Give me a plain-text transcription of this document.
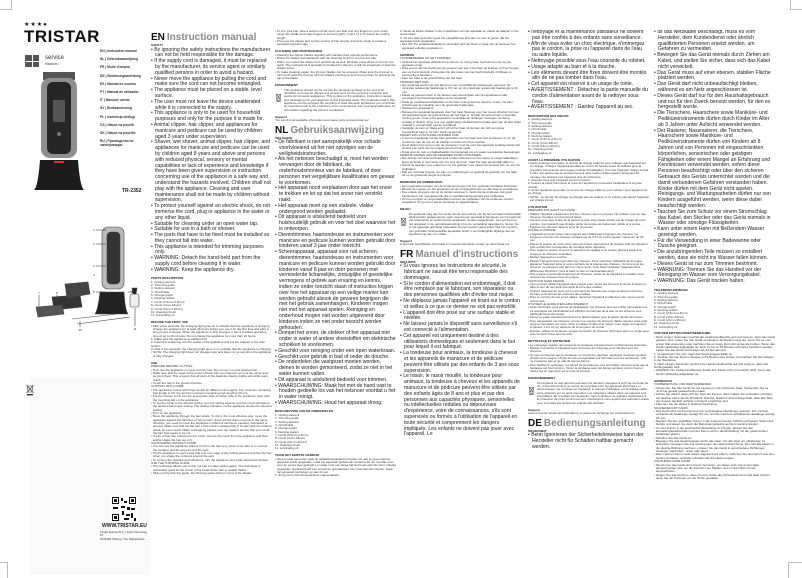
★★★●
TRISTAR
service
tristar.eu
EN | Instruction manual
NL | Gebruiksaanwijzing
FR | Mode d'emploi
DE | Bedienungsanleitung
ES | Manual de usuario
PT | Manual de utilizador
IT | Manuale utente
SV | Bruksanvisning
PL | Instrukcja obsługi
CS | Návod na použití
SK | Návod na použitie
RU | Руководство по эксплуатации
TR-2352
1
2
3
4
5	6
7	8
9
10	11
WWW.TRISTAR.EU
Tristar Europe B.V. | Jules Verneweg 87
5015 BH Tilburg | The Netherlands
EN Instruction manual
SAFETY
• By ignoring the safety instructions the manufacturer can not be held responsible for the damage.
• If the supply cord is damaged, it must be replaced by the manufacturer, its service agent or similarly qualified persons in order to avoid a hazard.
• Never move the appliance by pulling the cord and make sure the cord can not become entangled.
• The appliance must be placed on a stable, level surface.
• The user must not leave the device unattended while it is connected to the supply.
• This appliance is only to be used for household purposes and only for the purpose it is made for.
• Animal clipper, hair clipper, and appliances for manicure and pedicure can be used by children aged 3 years under supervision.
• Shaver, wet shaver, animal clipper, hair clipper, and appliances for manicure and pedicure can be used by children aged 8 years and above and persons with reduced physical, sensory or mental capabilities or lack of experience and knowledge if they have been given supervision or instruction concerning use of the appliance in a safe way and understand the hazards involved. Children shall not play with the appliance. Cleaning and user maintenance shall not be made by children without supervision.
• To protect yourself against an electric shock, do not immerse the cord, plug or appliance in the water or any other liquid.
• Suitable for cleaning under an open water tap.
• Suitable for use in a bath or shower.
• The parts that have to be fixed must be installed so they cannot fall into water.
• This appliance is intended for trimming purposes only.
• WARNING: Detach the hand-held part from the supply cord before cleaning it in water.
• WARNING: Keep the appliance dry.
PARTS DESCRIPTION
1. Cutting element
2. Trimming guide
3. Setting selector
4. On/off slide
5. Charging light
6. Docking station
7. Comb (0.5mm-2.5mm)
8. Comb (3mm-18mm)
9. Comb (21mm-30mm)
10. Cleaning brush
11. Lubricating oil
BEFORE THE FIRST USE
• After a few seconds, the charging light goes on to indicate that the appliance is charging. Charge the appliance for at least 16 hours before you use it for the first time and after a long period of disuse. When the appliance is fully charged, it has a cordless operating time of up to 40 minutes. Do not charge the appliance for more than 24 hours.
1. Make sure the appliance is switched off.
2. Insert the small plug into the socket of the appliance and put the adapter in the wall socket.
3. After a few seconds, the charging light goes on to indicate that the appliance is charging.
• NOTE: The charging light does not change color and does not go out when the appliance is fully charged.
USE
PREPARE BEFORE CUTTING
• Only use the appliance on clean and dry hair. Do not use it on just washed hair.
• Make sure that the head of the person whose hair you intend to cut is at the same level as your chest. This ensures that all parts of the head are clearly visible and within easy reach.
• Comb the hair in the growth direction.
CLIPPING WITH COMB
• The appliance comes with three combs for different hair lengths. The minimum remaining hair length is 0.5 mm and the maximum remaining hair length is 30 mm.
• Put the chosen comb into the appropriate slots on either side of the appliance, then click the mounting tab on the appliance.
• To set the comb to the desired setting, turn the setting selector and the comb will slide to the desired hair length setting. The setting indication on the appliance shows the selected setting.
• Turn on the appliance.
• Move the appliance through the hair slowly. To clip in the most effective way, move the appliance against the direction of hair growth. Since all hair does not grow in the same direction, you need to move the appliance in different directions (upward, downward or across). Make sure that the flat part of the comb is always fully in contact with the scalp to obtain an even result. Make overlapping passes over the head to ensure that you cut all the hair that needs to be cut.
• If a lot of hair has collected in the comb, remove the comb from the appliance and blow and/or shake the hair out of it.
CONTOURING WITHOUT COMB
• You can use the appliance without comb to clip hair very close to the skin or to contour the neckline and the area around the ears.
• Tilt the appliance in such a way that only one edge of the cutting element touches the hair when you shape the contours around the ears.
• To contour the neckline and sideburns, turn the appliance and make downward strokes.
USE THE THINNING GUIDE
• This technique allows you to thin out hair to make styling easier. The technique is particularly good for the crown of the head where hair is usually thicker.
• Slide out the thinning guide, the thinning guide will be in front of the blades.
• To trim your hair, take a section of hair (and your little and ring fingers on your scalp, using the middle and index fingers to set the length), hold 1 to 2 cm below the cutting length.
• Then use the clipper and cut the section of hair steeply and at an angle to create a seamless layered edge.
CLEANING AND MAINTENANCE
• Cleaning the clipper blades regularly will maintain their optimal performance.
• Brush the blades and appliance with the cleaning brush to remove any hair.
• When you notice the clipper isn't performing as well, lubricate a few drops of oil onto the teeth. The enclosed oil is specially formulated for clippers, it will not evaporate or slow the blades down.
• To make cleaning easier, the trimmer blades can be removed. Make sure the trimmer is turned off. Hold the trimmer with the blades pointing up and remove them by pressing the top of the blade.
ENVIRONMENT
This appliance should not be put into the domestic garbage at the end of its durability, but must be offered at a central point for the recycling of electric and electronic domestic appliances. This symbol on the appliance, instruction manual and packaging puts your attention to this important issue. The materials used in this appliance can be recycled. By recycling of used domestic appliances you contribute an important push to the protection of our environment. Ask your local authorities for information regarding the point of recollection.
Support
You can find all available information and spare parts at www.tristar.eu!
NL Gebruiksaanwijzing
VEILIGHEID
• De fabrikant is niet aansprakelijk voor schade voortvloeiend uit het niet opvolgen van de veiligheidsinstructies.
• Als het netsnoer beschadigd is, moet het worden vervangen door de fabrikant, de onderhoudsmonteur van de fabrikant, of door personen met vergelijkbare kwalificaties om gevaar te voorkomen.
• Het apparaat nooit verplaatsen door aan het snoer te trekken en let op dat het snoer niet verstrikt raakt.
• Het apparaat moet op een stabiele, vlakke ondergrond worden geplaatst.
• Dit apparaat is uitsluitend bedoeld voor huishoudelijk gebruik en voor het doel waarvoor het is ontworpen.
• Dierentrimmer, haartondeuse en instrumenten voor manicure en pedicure kunnen worden gebruikt door kinderen vanaf 3 jaar onder toezicht.
• Scheerapparaat, apparaat voor nat scheren, dierentrimmer, haartondeuse en instrumenten voor manicure en pedicure kunnen worden gebruikt door kinderen vanaf 8 jaar en door personen met verminderde lichamelijke, zintuiglijke of geestelijke vermogens of gebrek aan ervaring en kennis, indien ze onder toezicht staan of instructies krijgen over hoe het apparaat op een veilige manier kan worden gebruikt alsook de gevaren begrijpen die met het gebruik samenhangen. Kinderen mogen niet met het apparaat spelen. Reiniging en onderhoud mogen niet worden uitgevoerd door kinderen indien ze niet onder toezicht worden gehouden.
• Dompel het snoer, de stekker of het apparaat niet onder in water of andere vloeistoffen om elektrische schokken te voorkomen.
• Geschikt voor reiniging onder een open waterkraan.
• Geschikt voor gebruik in bad of onder de douche.
• De onderdelen die vastgezet moeten worden, dienen te worden gemonteerd, zodat ze niet in het water kunnen vallen.
• Dit apparaat is uitsluitend bedoeld voor trimmen.
• WAARSCHUWING: Maak het met de hand vast te houden gedeelte los van het netsnoer voordat u het in water reinigt.
• WAARSCHUWING: Houd het apparaat droog.
BESCHRIJVING VAN DE ONDERDELEN
1. Cutting element
2. Trimming guide
3. Setting selector
4. On/off slide
5. Charging light
6. Docking station
7. Comb (0.5mm-2.5mm)
8. Comb (3mm-18mm)
9. Comb (21mm-30mm)
10. Cleaning brush
11. Lubricating oil
VOOR HET EERSTE GEBRUIK
• Na een paar seconden gaat de oplaadindicatielamp branden om aan te geven dat het apparaat wordt opgeladen. Laad het apparaat gedurende minstens 16 uur voordat u het voor de eerste keer gebruikt en nadat u het een lange tijd niet heeft gebruikt. Een volledig opgeladen apparaat heeft een snoerloze gebruiksduur van maximaal 40 minuten. Laad het apparaat niet langer op dan 24 uur.
1. Zorg ervoor dat het apparaat is uitgeschakeld.
2. Steek de kleine stekker in de contactdoos van het apparaat en plaats de adapter in het stopcontact.
3. Na een paar seconden gaat het oplaadlampje branden om aan te geven dat het apparaat wordt opgeladen.
• LET OP: De oplaadindicatielamp verandert niet van kleur en gaat niet uit wanneer het apparaat volledig opgeladen is.
GEBRUIK
VOORBEREIDEN OP HET TRIMMEN
• Gebruik het apparaat uitsluitend op schoon en droog haar. Gebruik het niet op pas gewassen haar.
• Zorg ervoor dat het hoofd van de persoon van wie u het haar wil knippen zich ter hoogte van uw borst bevindt. Zodoende zijn alle delen van het hoofd duidelijk zichtbaar en eenvoudig te bereiken.
• Kam het haar in de groeirichting van het haar.
TRIMMEN MET KAM
• Het apparaat wordt met drie kammen voor verschillende haarlengtes geleverd. De minimale resterende haarlengte is 0,5 mm en de maximale resterende haarlengte is 30 mm.
• Plaats de gekozen kam in de sleuven aan weerszijden van het apparaat en klik vervolgens het bevestigingslipje op het apparaat.
• Draai de instelkeuzeschakelaar om de kam in de gewenste stand te zetten. De kam schuift naar de instelling voor de gewenste haarlengte.
• Schakel het apparaat in.
• Beweeg het apparaat langzaam door het haar. Beweeg voor het meest effectief trimmen het apparaat tegen de groeirichting van het haar in. Omdat niet al het haar in dezelfde richting groeit, moet u het apparaat in verschillende richtingen bewegen (omhoog, omlaag of dwars). Zorg voor een gelijkmatig resultaat dat het platte deel van de kam altijd volledig in contact blijft met de hoofdhuid.
• Verwijder de kam en blaas en/of schud het haar uit de kam als zich een grote hoeveelheid haar in de kam heeft verzameld.
MAKEN VAN CONTOUREN ZONDER KAM
• U kunt het apparaat zonder kam gebruiken om het haar zeer kort te knippen of om de contouren van de nek en de haarlijn rond de oren bij te werken.
• Houd tijdens het vormen van de contouren rond de oren het apparaat zodanig schuin dat slechts één rand van het snijelement het haar raakt.
• Draai voor de nek- en bakkebaarden het apparaat om en maak neerwaartse bewegingen.
GEBRUIK MAKEN VAN DE GELEIDER VOOR UITDUNNEN
• Met behulp van deze techniek kunt u haar uitdunnen om het stylen te vergemakkelijken. Deze techniek is met name van nut voor de kruin, waar het haar gewoonlijk dikker is.
• Schuif de geleider voor uitdunnen uit. De geleider voor uitdunnen bevindt zich nu voor de snijbladen.
• Pak een lok haar (tussen uw wijs- en middelvinger) en gebruik de geleider om het haar tot op de gewenste lengte te knippen.
REINIGING EN ONDERHOUD
• Het regelmatig reinigen van de tondeusemessen zal hun optimale prestaties behouden.
• Borstel de messen en het apparaat met de reinigingsborstel om alle haar te verwijderen.
• Doe enkele druppels olie op de tanden wanneer u merkt dat de tondeuse niet goed functioneert. De meegeleverde olie is speciaal samengesteld voor tondeuses.
• Om het reinigen te vergemakkelijken kunnen de snijbladen van de tondeuse worden verwijderd. Zorg ervoor dat de tondeuse is uitgeschakeld.
MILIEU
Dit apparaat mag aan het einde van de levensduur niet bij het normale huishoudelijk afval worden gedeponeerd, maar moet bij een speciaal inzamelpunt voor hergebruik van elektrische en elektronische apparaten worden aangeboden. Het symbool op het apparaat, in de gebruiksaanwijzing of op de verpakking attendeert u hierop. De in het apparaat gebruikte materialen kunnen worden gerecycled. Met het recyclen van gebruikte huishoudelijke apparaten levert u een belangrijke bijdrage aan de bescherming van ons milieu.
Support
U kunt alle beschikbare informatie en reserveonderdelen vinden op www.tristar.eu!
FR Manuel d'instructions
SÉCURITÉ
• Si vous ignorez les instructions de sécurité, le fabricant ne saurait être tenu responsable des dommages.
• Si le cordon d'alimentation est endommagé, il doit être remplacé par le fabricant, son réparateur ou des personnes qualifiées afin d'éviter tout risque.
• Ne déplacez jamais l'appareil en tirant sur le cordon et veillez à ce que ce dernier ne soit pas entortillé.
• L'appareil doit être posé sur une surface stable et nivelée.
• Ne laissez jamais le dispositif sans surveillance s'il est connecté à l'alimentation.
• Cet appareil est uniquement destiné à des utilisations domestiques et seulement dans le but pour lequel il est fabriqué.
• La tondeuse pour animaux, la tondeuse à cheveux et les appareils de manucure et de pédicure peuvent être utilisés par des enfants de 3 ans sous supervision.
• Le rasoir, le rasoir mouillé, la tondeuse pour animaux, la tondeuse à cheveux et les appareils de manucure et de pédicure peuvent être utilisés par des enfants âgés de 8 ans et plus et par des personnes aux capacités physiques, sensorielles ou intellectuelles réduites ou dépourvues d'expérience, voire de connaissances, s'ils sont supervisés ou formés à l'utilisation de l'appareil en toute sécurité et comprennent les dangers impliqués. Les enfants ne doivent pas jouer avec l'appareil. Le
• nettoyage et la maintenance utilisateur ne doivent pas être confiés à des enfants sans surveillance.
• Afin de vous éviter un choc électrique, n'immergez pas le cordon, la prise ou l'appareil dans de l'eau ou autre liquide.
• Nettoyage possible sous l'eau courante du robinet.
• Usage adapté au bain et à la douche.
• Les éléments devant être fixes doivent être montés afin de ne pas tomber dans l'eau.
• Cet appareil est réservé à un usage de tonte.
• AVERTISSEMENT : Détachez la partie manuelle du cordon d'alimentation avant de la nettoyer sous l'eau.
• AVERTISSEMENT : Gardez l'appareil au sec.
DESCRIPTION DES PIÈCES
1. Cutting element
2. Trimming guide
3. Setting selector
4. On/off slide
5. Charging light
6. Docking station
7. Comb (0.5mm-2.5mm)
8. Comb (3mm-18mm)
9. Comb (21mm-30mm)
10. Cleaning brush
11. Lubricating oil
AVANT LA PREMIÈRE UTILISATION
• Après quelques secondes, le témoin de charge s'allume pour indiquer que l'appareil est en charge. Chargez l'appareil pendant au moins 16 heures avant de l'utiliser pour la première fois et après une longue période d'inutilisation. Une fois l'appareil chargé à fond, il offre une autonomie de fonctionnement sans cordon d'alimentation atteignant 40 minutes. Ne chargez pas l'appareil plus de 24 heures.
1. Assurez-vous que l'appareil est hors tension.
2. Insérez la petite fiche dans la prise de l'appareil et connectez l'adaptateur à la prise murale.
3. Après quelques secondes, le témoin de charge s'allume pour indiquer que l'appareil est en charge.
• NOTE : Le témoin de charge ne change pas de couleur et ne s'éteint pas quand l'appareil est chargé à fond.
UTILISATION
PRÉPARATION AVANT LA COUPE
• Utilisez l'appareil uniquement sur des cheveux secs et propres. Ne l'utilisez pas sur des cheveux humides ou récemment lavés.
• Assurez-vous que la tête de la personne que vous voulez tondre est au niveau de votre poitrine. Ceci garantit que chaque partie de la tête est clairement visible et à portée.
• Peignez les cheveux dans le sens de la pousse.
COUPE AU PEIGNE
• L'appareil est fourni avec trois peignes pour différentes longueurs de cheveux. La longueur minimum de cheveux restants est de 0,5 mm et la longueur maximum de 30 mm.
• Placez le peigne de votre choix dans les fentes appropriées de chaque côté de l'appareil puis enclenchez la languette de montage dans l'appareil.
• Pour régler le peigne, tournez le sélecteur de réglage et le peigne glissera jusqu'à la longueur de cheveux souhaitée.
• Mettez l'appareil en marche.
• Passez l'appareil lentement dans les cheveux. Pour optimiser l'efficacité de la coupe, déplacez l'appareil dans le sens contraire de la pousse des cheveux. Comme tous les cheveux ne poussent pas dans le même sens, vous devez déplacer l'appareil dans différentes directions (vers le haut, le bas ou transversalement).
• Si le peigne a accumulé beaucoup de cheveux, retirez-le de l'appareil et soufflez et/ou secouez les cheveux hors du peigne.
CONTOUR SANS PEIGNE
• Vous pouvez utiliser l'appareil sans peigne pour tondre les cheveux à ras de la peau ou faire le tour du cou ainsi que dans la zone des oreilles.
• Inclinez l'appareil de sorte qu'un seul bord de l'élément de coupe touche les cheveux lorsque vous formez les contours des oreilles.
• Pour le contour du cou et les pattes, retournez l'appareil et effectuez des mouvements vers le bas.
UTILISER LE GUIDE D'ÉCLAIRCISSEMENT
• Cette technique vous permet de désépaissir vos cheveux pour les coiffer plus facilement. La technique est particulièrement efficace au sommet de la tête où les cheveux sont habituellement plus épais.
• Sortez le guide d'éclaircissement en le faisant glisser pour le placer devant les lames.
• Pour désépaissir vos cheveux, prenez une section de cheveux (faites reposer votre petit doigt et l'annulaire sur votre crâne et utilisez l'index et le majeur pour régler la longueur) et laissez 1 à 2 cm en dessous de la longueur de coupe.
• Ensuite, utilisez la tondeuse, coupez la section de cheveux fortement selon un angle pour créer le bord d'une dent de scie.
NETTOYAGE ET ENTRETIEN
• Le nettoyage régulier des lames de la tondeuse entretient leurs performances optimales.
• Brossez les lames et l'appareil avec la brosse de nettoyage pour éliminer tous les cheveux.
• Si vous remarquez que la tondeuse ne fonctionne pas bien, appliquez quelques gouttes d'huile sur le peigne. L'huile fournie est spécialement formulée pour les tondeuses : elle ne s'évapore pas et ne ralentit pas les lames.
• Pour faciliter le nettoyage, les lames de la tondeuse sont amovibles. Assurez-vous que la tondeuse est hors tension. Tenez la tondeuse avec les lames pointées vers le haut et retirez-les en appuyant sur le haut de la lame.
ENVIRONNEMENT
Cet appareil ne doit pas être jeté avec les déchets ménagers à la fin de sa durée de vie, il doit être remis à un centre de recyclage pour les appareils électriques et électroniques. Ce symbole sur l'appareil, le manuel d'utilisation et l'emballage attire votre attention sur ce point important. Les matériaux utilisés dans cet appareil sont recyclables. En recyclant vos appareils, vous contribuez de manière significative à la protection de notre environnement. Renseignez-vous auprès des autorités locales pour connaître les centres de collecte des déchets.
Support
Vous trouverez toutes les informations et pièces de rechange sur www.tristar.eu !
DE Bedienungsanleitung
SICHERHEIT
• Beim Ignorieren der Sicherheitshinweise kann der Hersteller nicht für Schäden haftbar gemacht werden.
• Ist das Netzkabel beschädigt, muss es vom Hersteller, dem Kundendienst oder ähnlich qualifizierten Personen ersetzt werden, um Gefahren zu vermeiden.
• Bewegen Sie das Gerät niemals durch Ziehen am Kabel, und stellen Sie sicher, dass sich das Kabel nicht verwickelt.
• Das Gerät muss auf einer ebenen, stabilen Fläche platziert werden.
• Das Gerät darf nicht unbeaufsichtigt bleiben, während es am Netz angeschlossen ist.
• Dieses Gerät darf nur für den Haushaltsgebrauch und nur für den Zweck benutzt werden, für den es hergestellt wurde.
• Die Tierschere, Haarschere sowie Maniküre- und Pediküreinstrumente dürfen durch Kinder im Alter ab 3 Jahren unter Aufsicht verwendet werden.
• Der Rasierer, Nassrasierer, die Tierschere, Haarschere sowie Maniküre- und Pediküreinstrumente dürfen von Kindern ab 8 Jahren und von Personen mit eingeschränkten körperlichen, sensorischen oder geistigen Fähigkeiten oder einem Mangel an Erfahrung und Kenntnissen verwendet werden, sofern diese Personen beaufsichtigt oder über den sicheren Gebrauch des Geräts unterrichtet wurden und die damit verbundenen Gefahren verstanden haben. Kinder dürfen mit dem Gerät nicht spielen. Reinigungs- und Wartungsarbeiten dürfen nur von Kindern ausgeführt werden, wenn diese dabei beaufsichtigt werden.
• Tauchen Sie zum Schutz vor einem Stromschlag das Kabel, den Stecker oder das Gerät niemals in Wasser oder sonstige Flüssigkeiten.
• Kann unter einem Hahn mit fließendem Wasser gereinigt werden.
• Für die Verwendung in einer Badewanne oder Dusche geeignet.
• Die anzubringenden Teile müssen so installiert werden, dass sie nicht ins Wasser fallen können.
• Dieses Gerät ist nur zum Trimmen bestimmt.
• WARNUNG: Trennen Sie das Handteil vor der Reinigung im Wasser vom Versorgungskabel.
• WARNUNG: Das Gerät trocken halten.
TEILEBESCHREIBUNG
1. Cutting element
2. Trimming guide
3. Setting selector
4. On/off slide
5. Charging light
6. Docking station
7. Comb (0.5mm-2.5mm)
8. Comb (3mm-18mm)
9. Comb (21mm-30mm)
10. Cleaning brush
11. Lubricating oil
VOR DER ERSTEN INBETRIEBNAHME
• Nach einigen Sekunden leuchtet die Ladekontrollleuchte auf und zeigt an, dass das Gerät geladen wird. Laden Sie das Gerät mindestens 16 Stunden lang auf, bevor Sie es zum ersten Mal verwenden oder nachdem Sie es lange Zeit nicht verwendet haben. Wenn das Gerät vollständig aufgeladen ist, kann es bis zu 40 Minuten schnurlos betrieben werden. Laden Sie das Gerät nicht länger als 24 Stunden auf.
1. Vergewissern Sie sich, dass das Gerät ausgeschaltet ist.
2. Stecken Sie den kleinen Stecker in die Buchse des Geräts und stecken Sie den Adapter in die Steckdose.
3. Nach einigen Sekunden leuchtet die Ladekontrollleuchte auf und zeigt an, dass das Gerät geladen wird.
• HINWEIS: Die Ladekontrollleuchte ändert ihre Farbe nicht und erlischt nicht, wenn das Gerät vollständig aufgeladen ist.
GEBRAUCH
VORBEREITUNG VOR DEM SCHNEIDEN
• Verwenden Sie das Gerät nur auf sauberem und trockenem Haar. Verwenden Sie es nicht bei gerade gewaschenem Haar.
• Achten Sie darauf, dass sich der Kopf der Person, deren Haare Sie schneiden möchten, auf gleicher Höhe wie Ihr Brustkorb befindet. Dadurch wird sichergestellt, dass alle Teile des Kopfes deutlich sichtbar und leicht erreichbar sind.
• Kämmen Sie die Haare in Haarwuchsrichtung.
SCHNEIDEN MIT KAMM
• Das Gerät wird mit drei Kämmen für verschiedene Haarlängen geliefert. Die minimal verbleibende Haarlänge beträgt 0,5 mm und die maximal verbleibende Haarlänge beträgt 30 mm.
• Stecken Sie den gewählten Kamm in die entsprechenden Schlitze auf beiden Seiten des Geräts und lassen Sie dann die Befestigungslasche auf dem Gerät einrasten.
• Um den Kamm in die gewünschte Einstellung zu bringen, drehen Sie den Einstellungswahlschalter und der Kamm wird in die Einstellung mit der gewünschten Haarlänge gleiten.
• Schalten Sie das Gerät ein.
• Bewegen Sie das Gerät langsam durch das Haar. Um das Haar am effektivsten zu schneiden, bewegen Sie das Gerät gegen die Haarwuchsrichtung. Da nicht alle Haare in die gleiche Richtung wachsen, müssen Sie das Gerät in verschiedene Richtungen bewegen (nach oben, unten oder quer).
• Wenn sich im Kamm viele Haare angesammelt haben, entfernen Sie den Kamm aus dem Gerät und blasen und/oder schütteln Sie die Haare heraus.
KONTUREN OHNE KAMM
• Sie können das Gerät ohne Kamm benutzen, um Haare sehr nah an der Haut abzuschneiden oder um die Konturen am Nacken und um die Ohren herum auszuarbeiten.
• Neigen Sie das Gerät so, dass nur eine Kante des Schneidelements das Haar berührt, wenn Sie die Konturen um die Ohren gestalten.
